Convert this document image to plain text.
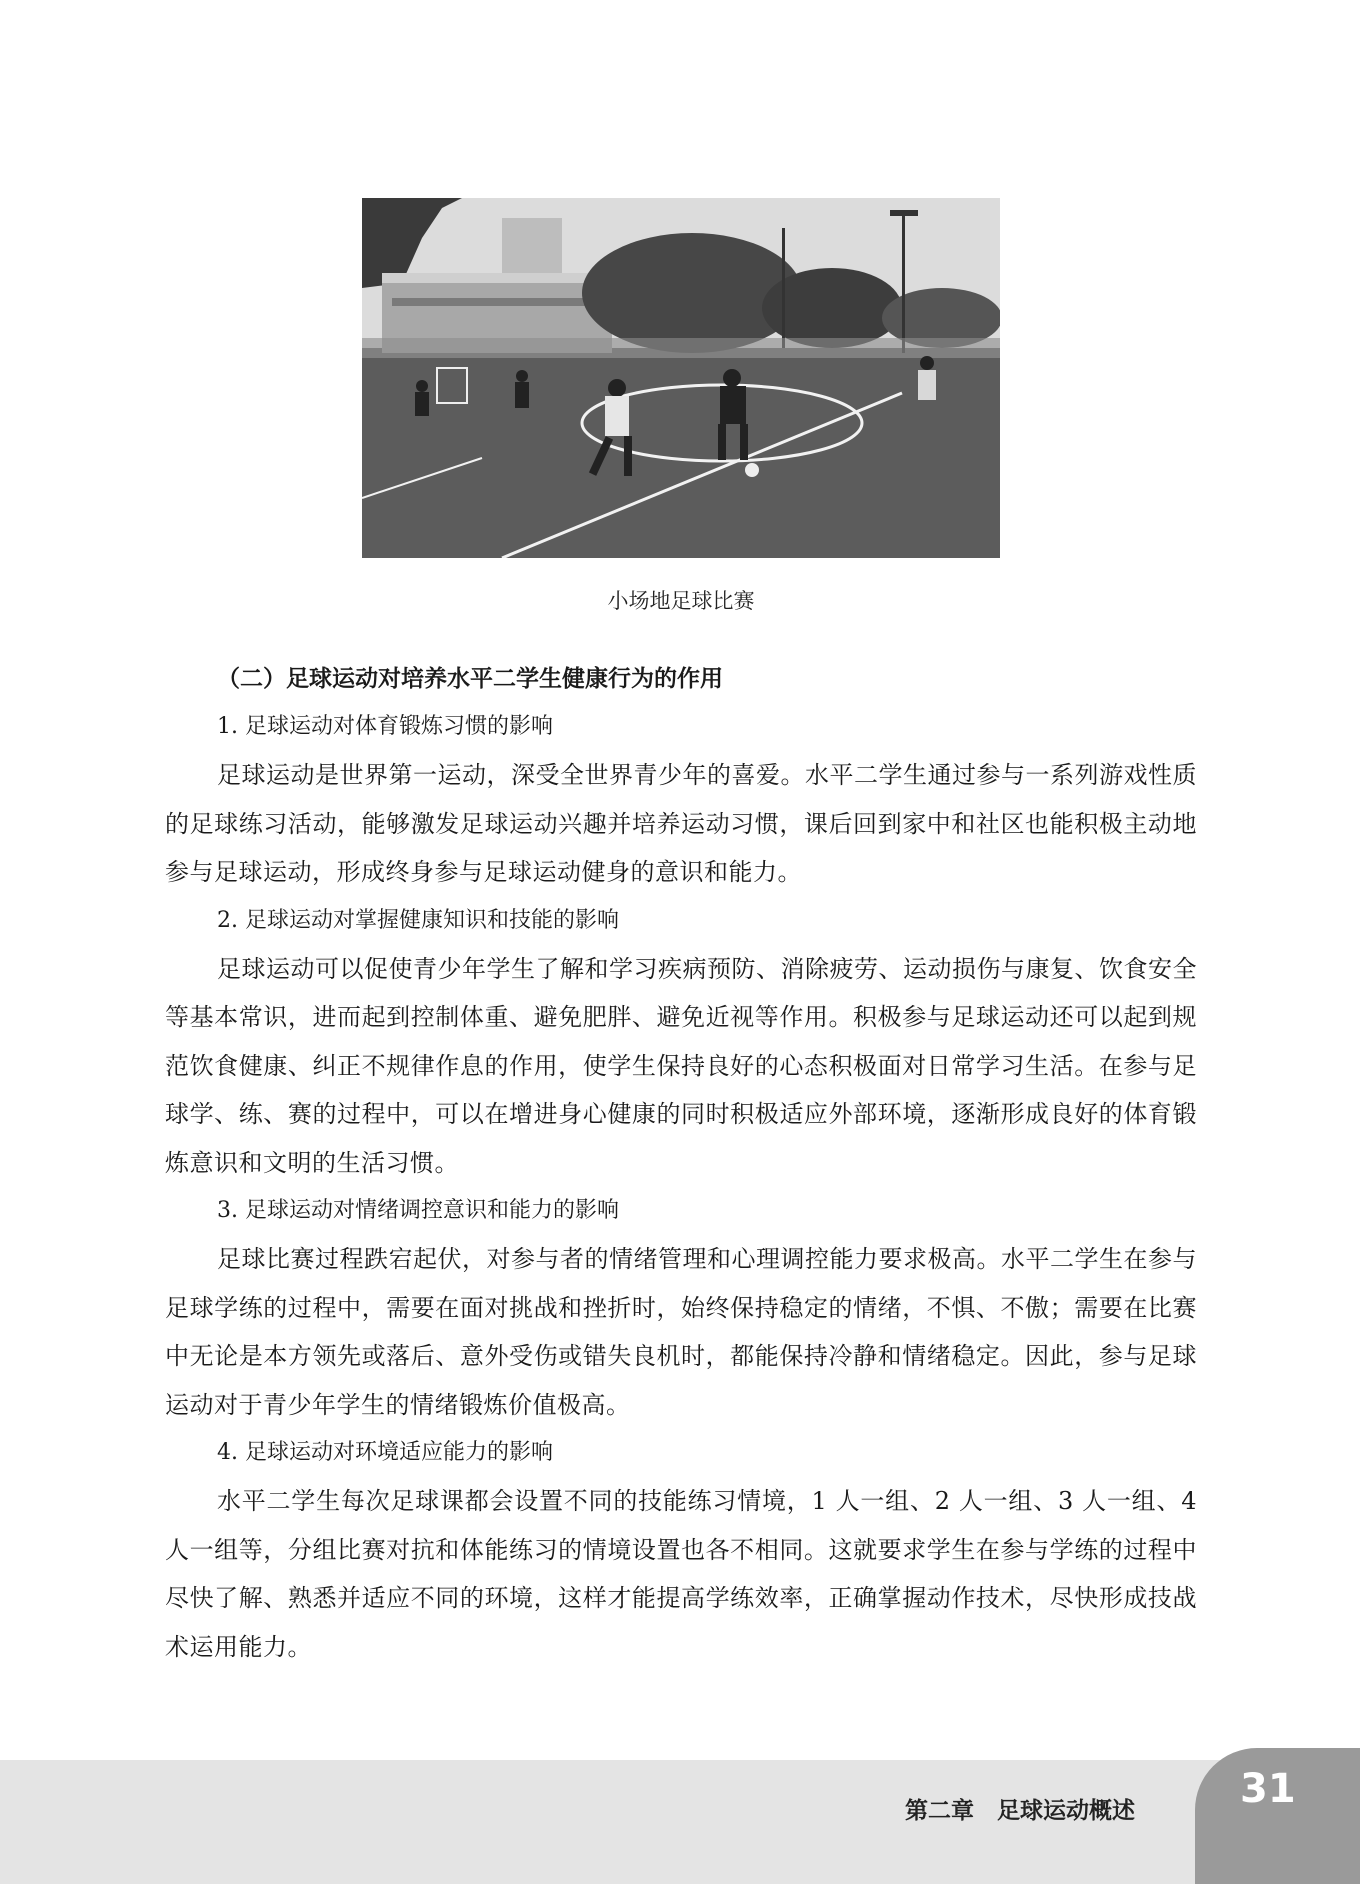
小场地足球比赛
（二）足球运动对培养水平二学生健康行为的作用
1. 足球运动对体育锻炼习惯的影响

足球运动是世界第一运动，深受全世界青少年的喜爱。水平二学生通过参与一系列游戏性质的足球练习活动，能够激发足球运动兴趣并培养运动习惯，课后回到家中和社区也能积极主动地参与足球运动，形成终身参与足球运动健身的意识和能力。

2. 足球运动对掌握健康知识和技能的影响

足球运动可以促使青少年学生了解和学习疾病预防、消除疲劳、运动损伤与康复、饮食安全等基本常识，进而起到控制体重、避免肥胖、避免近视等作用。积极参与足球运动还可以起到规范饮食健康、纠正不规律作息的作用，使学生保持良好的心态积极面对日常学习生活。在参与足球学、练、赛的过程中，可以在增进身心健康的同时积极适应外部环境，逐渐形成良好的体育锻炼意识和文明的生活习惯。

3. 足球运动对情绪调控意识和能力的影响

足球比赛过程跌宕起伏，对参与者的情绪管理和心理调控能力要求极高。水平二学生在参与足球学练的过程中，需要在面对挑战和挫折时，始终保持稳定的情绪，不惧、不傲；需要在比赛中无论是本方领先或落后、意外受伤或错失良机时，都能保持冷静和情绪稳定。因此，参与足球运动对于青少年学生的情绪锻炼价值极高。

4. 足球运动对环境适应能力的影响

水平二学生每次足球课都会设置不同的技能练习情境，1 人一组、2 人一组、3 人一组、4 人一组等，分组比赛对抗和体能练习的情境设置也各不相同。这就要求学生在参与学练的过程中尽快了解、熟悉并适应不同的环境，这样才能提高学练效率，正确掌握动作技术，尽快形成技战术运用能力。

第二章　足球运动概述	31
